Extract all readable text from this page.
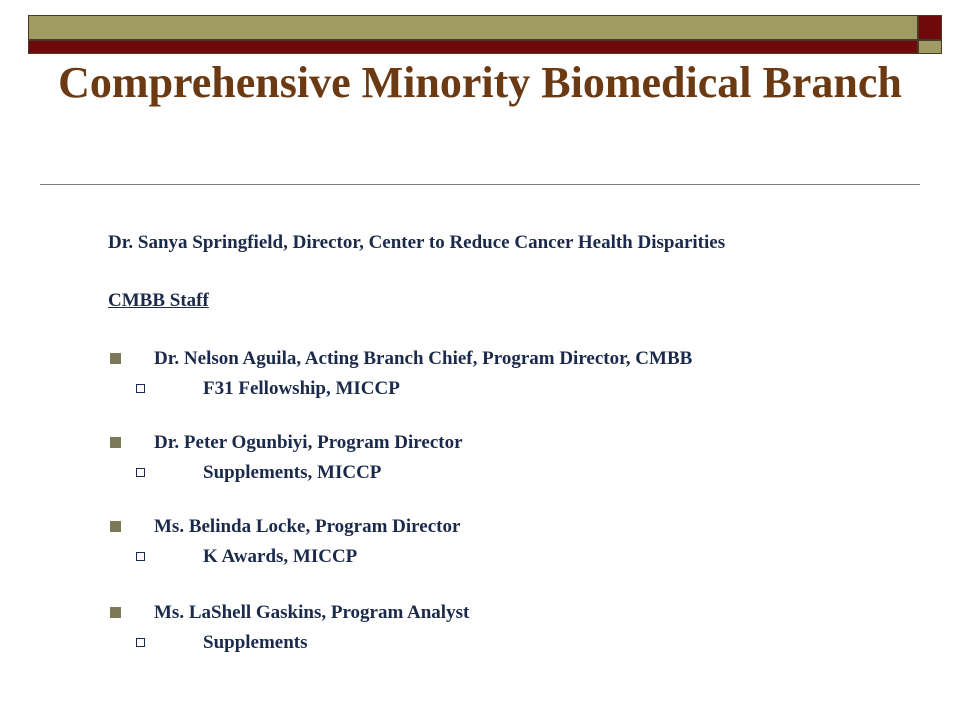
Comprehensive Minority Biomedical Branch
Dr. Sanya Springfield, Director, Center to Reduce Cancer Health Disparities
CMBB Staff
Dr. Nelson Aguila, Acting Branch Chief, Program Director, CMBB
F31 Fellowship, MICCP
Dr. Peter Ogunbiyi, Program Director
Supplements, MICCP
Ms. Belinda Locke, Program Director
K Awards, MICCP
Ms. LaShell Gaskins, Program Analyst
Supplements
